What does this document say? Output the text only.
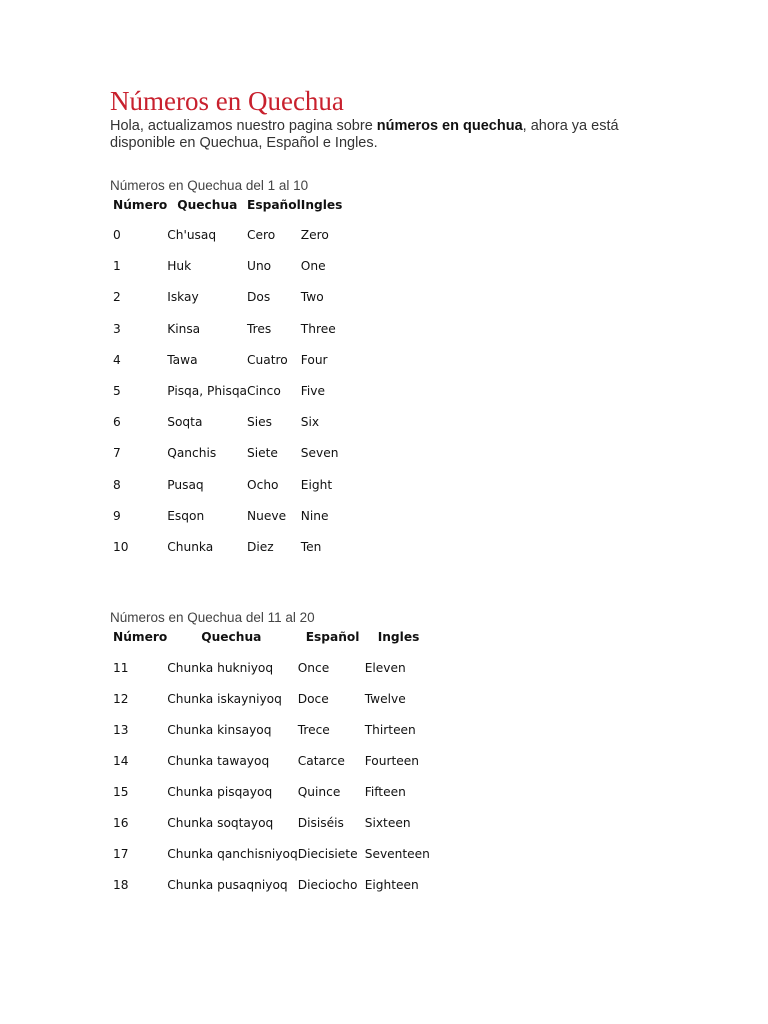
Números en Quechua

Hola, actualizamos nuestro pagina sobre números en quechua, ahora ya está disponible en Quechua, Español e Ingles.

Números en Quechua del 1 al 10

Número	Quechua	Español	Ingles
0	Ch'usaq	Cero	Zero
1	Huk	Uno	One
2	Iskay	Dos	Two
3	Kinsa	Tres	Three
4	Tawa	Cuatro	Four
5	Pisqa, Phisqa	Cinco	Five
6	Soqta	Sies	Six
7	Qanchis	Siete	Seven
8	Pusaq	Ocho	Eight
9	Esqon	Nueve	Nine
10	Chunka	Diez	Ten

Números en Quechua del 11 al 20

Número	Quechua	Español	Ingles
11	Chunka hukniyoq	Once	Eleven
12	Chunka iskayniyoq	Doce	Twelve
13	Chunka kinsayoq	Trece	Thirteen
14	Chunka tawayoq	Catarce	Fourteen
15	Chunka pisqayoq	Quince	Fifteen
16	Chunka soqtayoq	Disiséis	Sixteen
17	Chunka qanchisniyoq	Diecisiete	Seventeen
18	Chunka pusaqniyoq	Dieciocho	Eighteen
